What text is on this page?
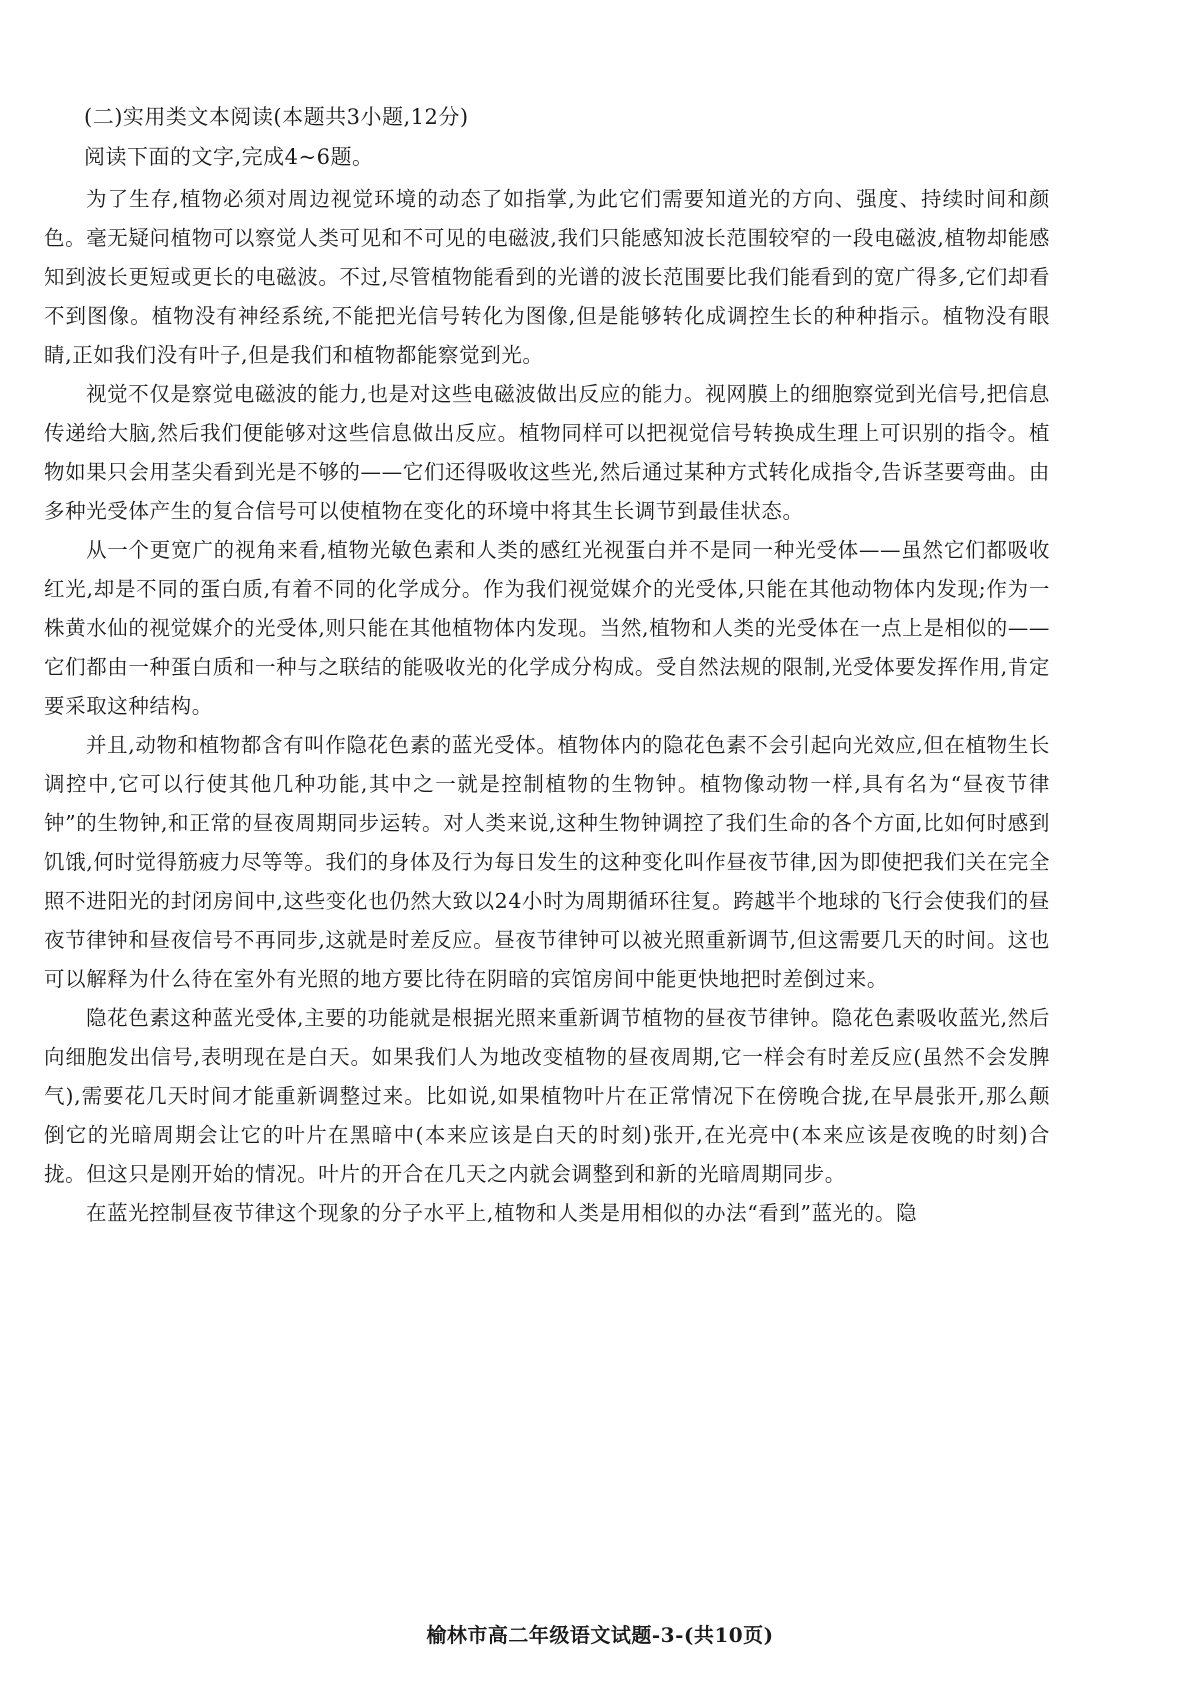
(二)实用类文本阅读(本题共3小题,12分)

阅读下面的文字,完成4~6题。

为了生存,植物必须对周边视觉环境的动态了如指掌,为此它们需要知道光的方向、强度、持续时间和颜色。毫无疑问植物可以察觉人类可见和不可见的电磁波,我们只能感知波长范围较窄的一段电磁波,植物却能感知到波长更短或更长的电磁波。不过,尽管植物能看到的光谱的波长范围要比我们能看到的宽广得多,它们却看不到图像。植物没有神经系统,不能把光信号转化为图像,但是能够转化成调控生长的种种指示。植物没有眼睛,正如我们没有叶子,但是我们和植物都能察觉到光。

视觉不仅是察觉电磁波的能力,也是对这些电磁波做出反应的能力。视网膜上的细胞察觉到光信号,把信息传递给大脑,然后我们便能够对这些信息做出反应。植物同样可以把视觉信号转换成生理上可识别的指令。植物如果只会用茎尖看到光是不够的——它们还得吸收这些光,然后通过某种方式转化成指令,告诉茎要弯曲。由多种光受体产生的复合信号可以使植物在变化的环境中将其生长调节到最佳状态。

从一个更宽广的视角来看,植物光敏色素和人类的感红光视蛋白并不是同一种光受体——虽然它们都吸收红光,却是不同的蛋白质,有着不同的化学成分。作为我们视觉媒介的光受体,只能在其他动物体内发现;作为一株黄水仙的视觉媒介的光受体,则只能在其他植物体内发现。当然,植物和人类的光受体在一点上是相似的——它们都由一种蛋白质和一种与之联结的能吸收光的化学成分构成。受自然法规的限制,光受体要发挥作用,肯定要采取这种结构。

并且,动物和植物都含有叫作隐花色素的蓝光受体。植物体内的隐花色素不会引起向光效应,但在植物生长调控中,它可以行使其他几种功能,其中之一就是控制植物的生物钟。植物像动物一样,具有名为“昼夜节律钟”的生物钟,和正常的昼夜周期同步运转。对人类来说,这种生物钟调控了我们生命的各个方面,比如何时感到饥饿,何时觉得筋疲力尽等等。我们的身体及行为每日发生的这种变化叫作昼夜节律,因为即使把我们关在完全照不进阳光的封闭房间中,这些变化也仍然大致以24小时为周期循环往复。跨越半个地球的飞行会使我们的昼夜节律钟和昼夜信号不再同步,这就是时差反应。昼夜节律钟可以被光照重新调节,但这需要几天的时间。这也可以解释为什么待在室外有光照的地方要比待在阴暗的宾馆房间中能更快地把时差倒过来。

隐花色素这种蓝光受体,主要的功能就是根据光照来重新调节植物的昼夜节律钟。隐花色素吸收蓝光,然后向细胞发出信号,表明现在是白天。如果我们人为地改变植物的昼夜周期,它一样会有时差反应(虽然不会发脾气),需要花几天时间才能重新调整过来。比如说,如果植物叶片在正常情况下在傍晚合拢,在早晨张开,那么颠倒它的光暗周期会让它的叶片在黑暗中(本来应该是白天的时刻)张开,在光亮中(本来应该是夜晚的时刻)合拢。但这只是刚开始的情况。叶片的开合在几天之内就会调整到和新的光暗周期同步。

在蓝光控制昼夜节律这个现象的分子水平上,植物和人类是用相似的办法“看到”蓝光的。隐

榆林市高二年级语文试题-3-(共10页)
